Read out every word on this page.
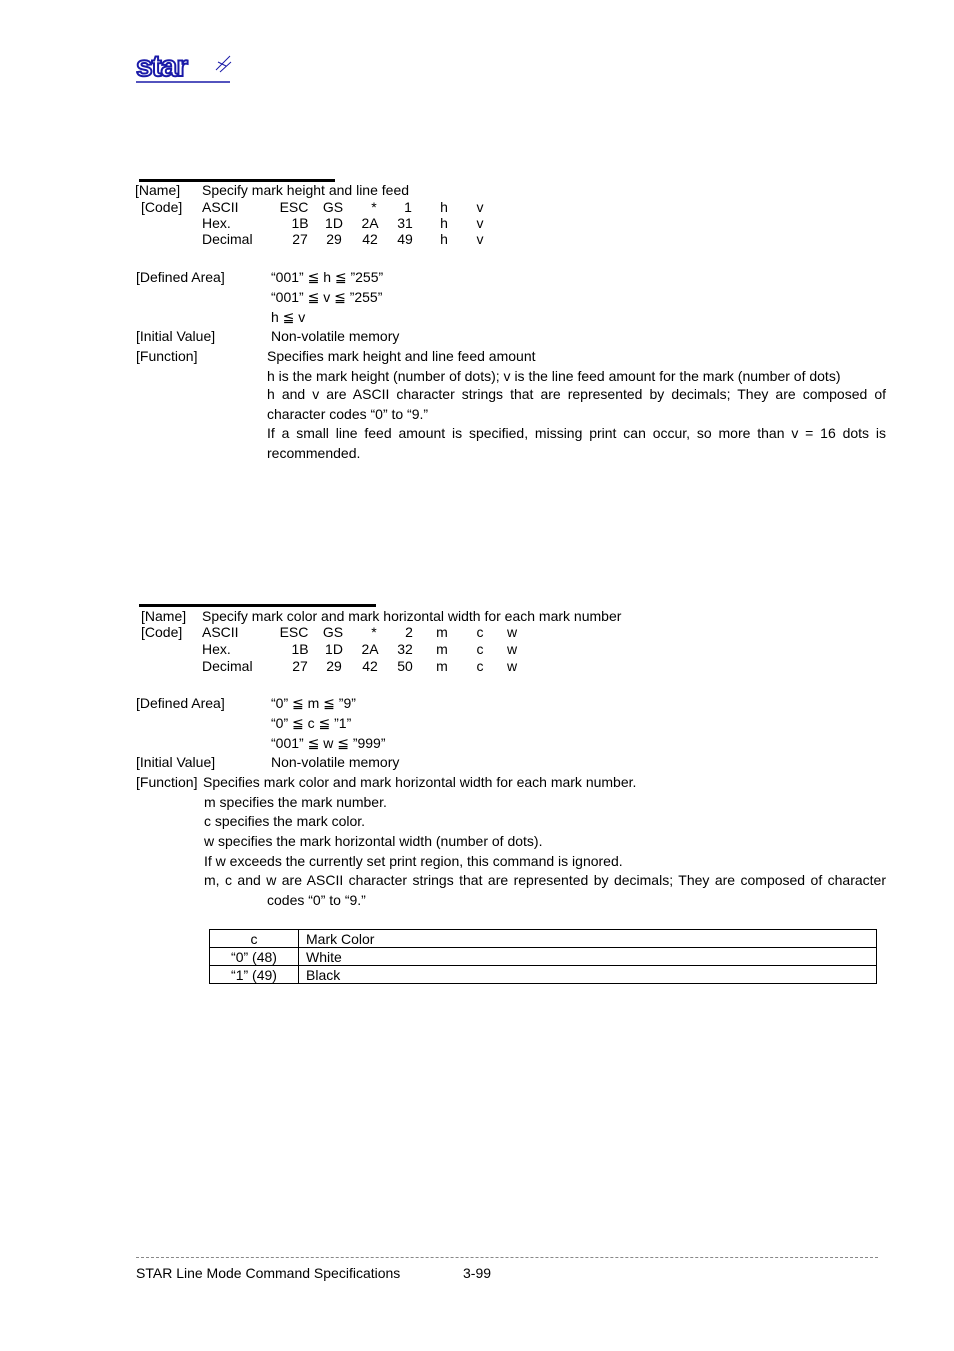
star
[Name] Specify mark height and line feed
[Code] ASCII	ESC	GS	*	1	h	v
Hex.	1B	1D	2A	31	h	v
Decimal	27	29	42	49	h	v
[Defined Area]	“001” ≦ h ≦ ”255”
“001” ≦ v ≦ ”255”
h ≦ v
[Initial Value]	Non-volatile memory
[Function]	Specifies mark height and line feed amount
h is the mark height (number of dots); v is the line feed amount for the mark (number of dots)
h and v are ASCII character strings that are represented by decimals; They are composed of character codes “0” to “9.”
If a small line feed amount is specified, missing print can occur, so more than v = 16 dots is recommended.
[Name] Specify mark color and mark horizontal width for each mark number
[Code] ASCII	ESC	GS	*	2	m	c	w
Hex.	1B	1D	2A	32	m	c	w
Decimal	27	29	42	50	m	c	w
[Defined Area]	“0” ≦ m ≦ ”9”
“0” ≦ c ≦ ”1”
“001” ≦ w ≦ ”999”
[Initial Value]	Non-volatile memory
[Function] Specifies mark color and mark horizontal width for each mark number.
m specifies the mark number.
c specifies the mark color.
w specifies the mark horizontal width (number of dots).
If w exceeds the currently set print region, this command is ignored.
m, c and w are ASCII character strings that are represented by decimals; They are composed of character
codes “0” to “9.”
c	Mark Color
“0” (48)	White
“1” (49)	Black
STAR Line Mode Command Specifications	3-99
